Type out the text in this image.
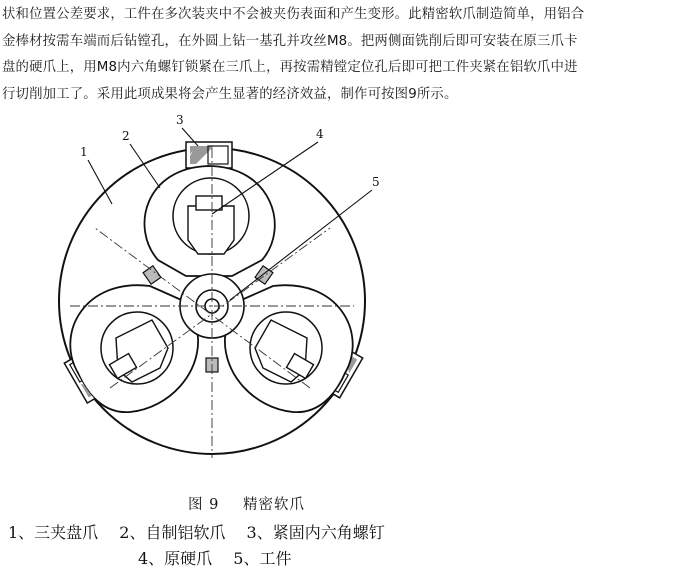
状和位置公差要求，工件在多次装夹中不会被夹伤表面和产生变形。此精密软爪制造简单，用铝合
金棒材按需车端而后钻镗孔，在外圆上钻一基孔并攻丝M8。把两侧面铣削后即可安装在原三爪卡
盘的硬爪上，用M8内六角螺钉锁紧在三爪上，再按需精镗定位孔后即可把工件夹紧在铝软爪中进
行切削加工了。采用此项成果将会产生显著的经济效益，制作可按图9所示。
1
2
3
4
5
图 9 精密软爪
1、三夹盘爪　 2、自制铝软爪　 3、紧固内六角螺钉
4、原硬爪　 5、工件
